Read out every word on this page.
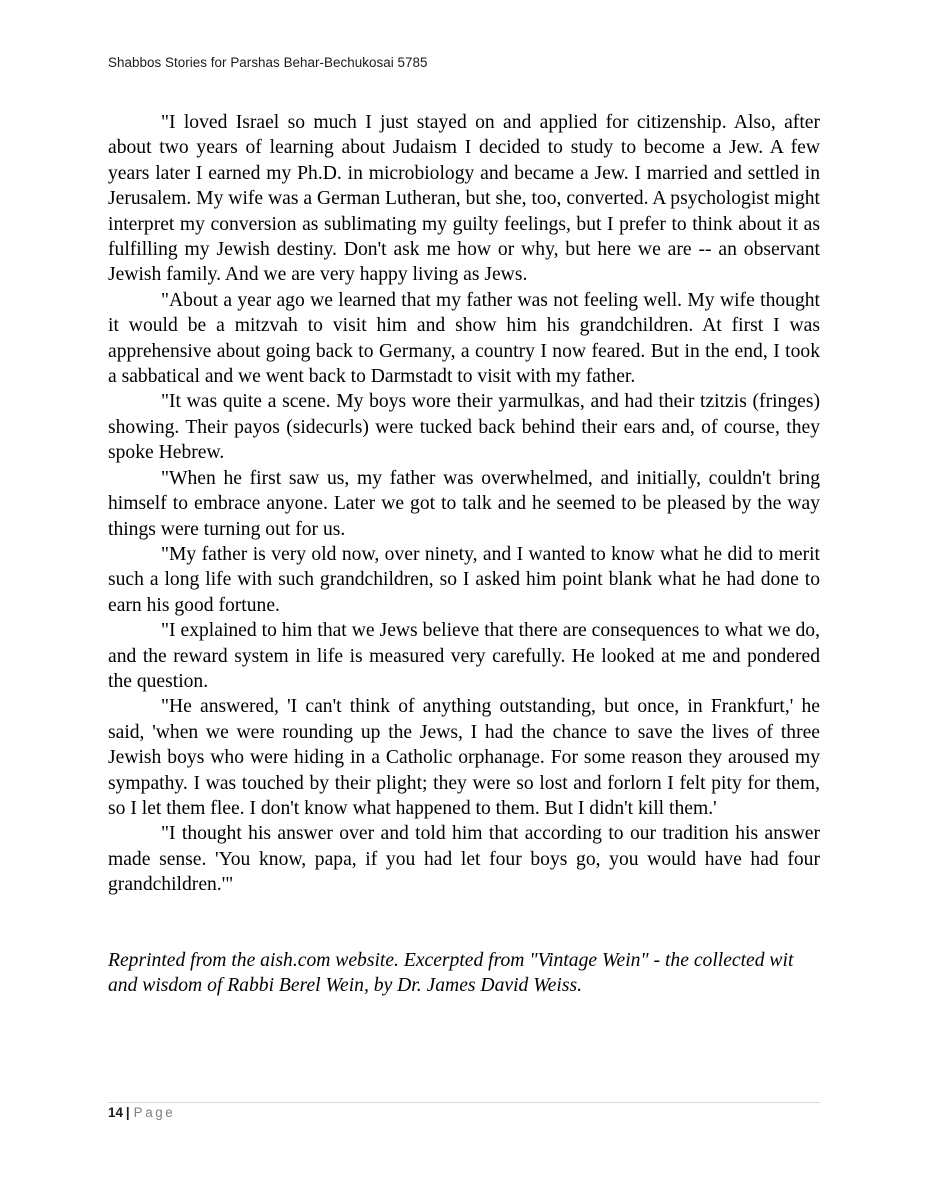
Shabbos Stories for Parshas Behar-Bechukosai 5785

"I loved Israel so much I just stayed on and applied for citizenship. Also, after about two years of learning about Judaism I decided to study to become a Jew. A few years later I earned my Ph.D. in microbiology and became a Jew. I married and settled in Jerusalem. My wife was a German Lutheran, but she, too, converted. A psychologist might interpret my conversion as sublimating my guilty feelings, but I prefer to think about it as fulfilling my Jewish destiny. Don't ask me how or why, but here we are -- an observant Jewish family. And we are very happy living as Jews.

"About a year ago we learned that my father was not feeling well. My wife thought it would be a mitzvah to visit him and show him his grandchildren. At first I was apprehensive about going back to Germany, a country I now feared. But in the end, I took a sabbatical and we went back to Darmstadt to visit with my father.

"It was quite a scene. My boys wore their yarmulkas, and had their tzitzis (fringes) showing. Their payos (sidecurls) were tucked back behind their ears and, of course, they spoke Hebrew.

"When he first saw us, my father was overwhelmed, and initially, couldn't bring himself to embrace anyone. Later we got to talk and he seemed to be pleased by the way things were turning out for us.

"My father is very old now, over ninety, and I wanted to know what he did to merit such a long life with such grandchildren, so I asked him point blank what he had done to earn his good fortune.

"I explained to him that we Jews believe that there are consequences to what we do, and the reward system in life is measured very carefully. He looked at me and pondered the question.

"He answered, 'I can't think of anything outstanding, but once, in Frankfurt,' he said, 'when we were rounding up the Jews, I had the chance to save the lives of three Jewish boys who were hiding in a Catholic orphanage. For some reason they aroused my sympathy. I was touched by their plight; they were so lost and forlorn I felt pity for them, so I let them flee. I don't know what happened to them. But I didn't kill them.'

"I thought his answer over and told him that according to our tradition his answer made sense. 'You know, papa, if you had let four boys go, you would have had four grandchildren.'"

Reprinted from the aish.com website. Excerpted from "Vintage Wein" - the collected wit and wisdom of Rabbi Berel Wein, by Dr. James David Weiss.

14 | Page
